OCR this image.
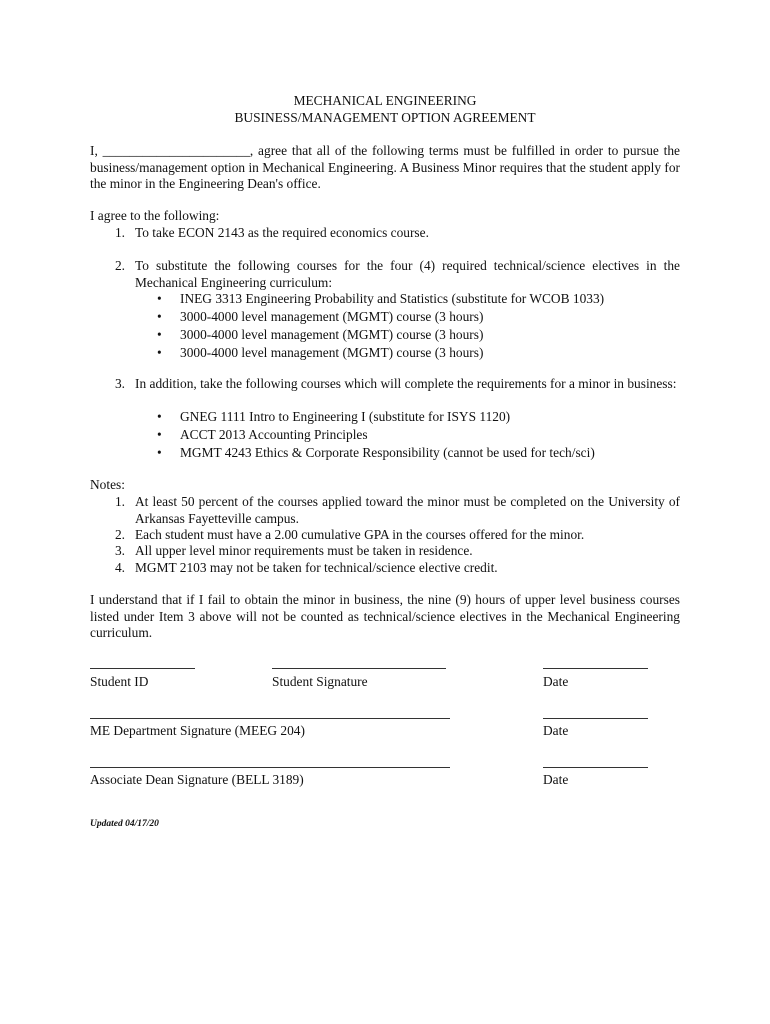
MECHANICAL ENGINEERING
BUSINESS/MANAGEMENT OPTION AGREEMENT
I, ______________________, agree that all of the following terms must be fulfilled in order to pursue the business/management option in Mechanical Engineering. A Business Minor requires that the student apply for the minor in the Engineering Dean's office.
I agree to the following:
1. To take ECON 2143 as the required economics course.
2. To substitute the following courses for the four (4) required technical/science electives in the Mechanical Engineering curriculum:
• INEG 3313 Engineering Probability and Statistics (substitute for WCOB 1033)
• 3000-4000 level management (MGMT) course (3 hours)
• 3000-4000 level management (MGMT) course (3 hours)
• 3000-4000 level management (MGMT) course (3 hours)
3. In addition, take the following courses which will complete the requirements for a minor in business:
• GNEG 1111 Intro to Engineering I (substitute for ISYS 1120)
• ACCT 2013 Accounting Principles
• MGMT 4243 Ethics & Corporate Responsibility (cannot be used for tech/sci)
Notes:
1. At least 50 percent of the courses applied toward the minor must be completed on the University of Arkansas Fayetteville campus.
2. Each student must have a 2.00 cumulative GPA in the courses offered for the minor.
3. All upper level minor requirements must be taken in residence.
4. MGMT 2103 may not be taken for technical/science elective credit.
I understand that if I fail to obtain the minor in business, the nine (9) hours of upper level business courses listed under Item 3 above will not be counted as technical/science electives in the Mechanical Engineering curriculum.
Student ID	Student Signature	Date
ME Department Signature (MEEG 204)	Date
Associate Dean Signature (BELL 3189)	Date
Updated 04/17/20
